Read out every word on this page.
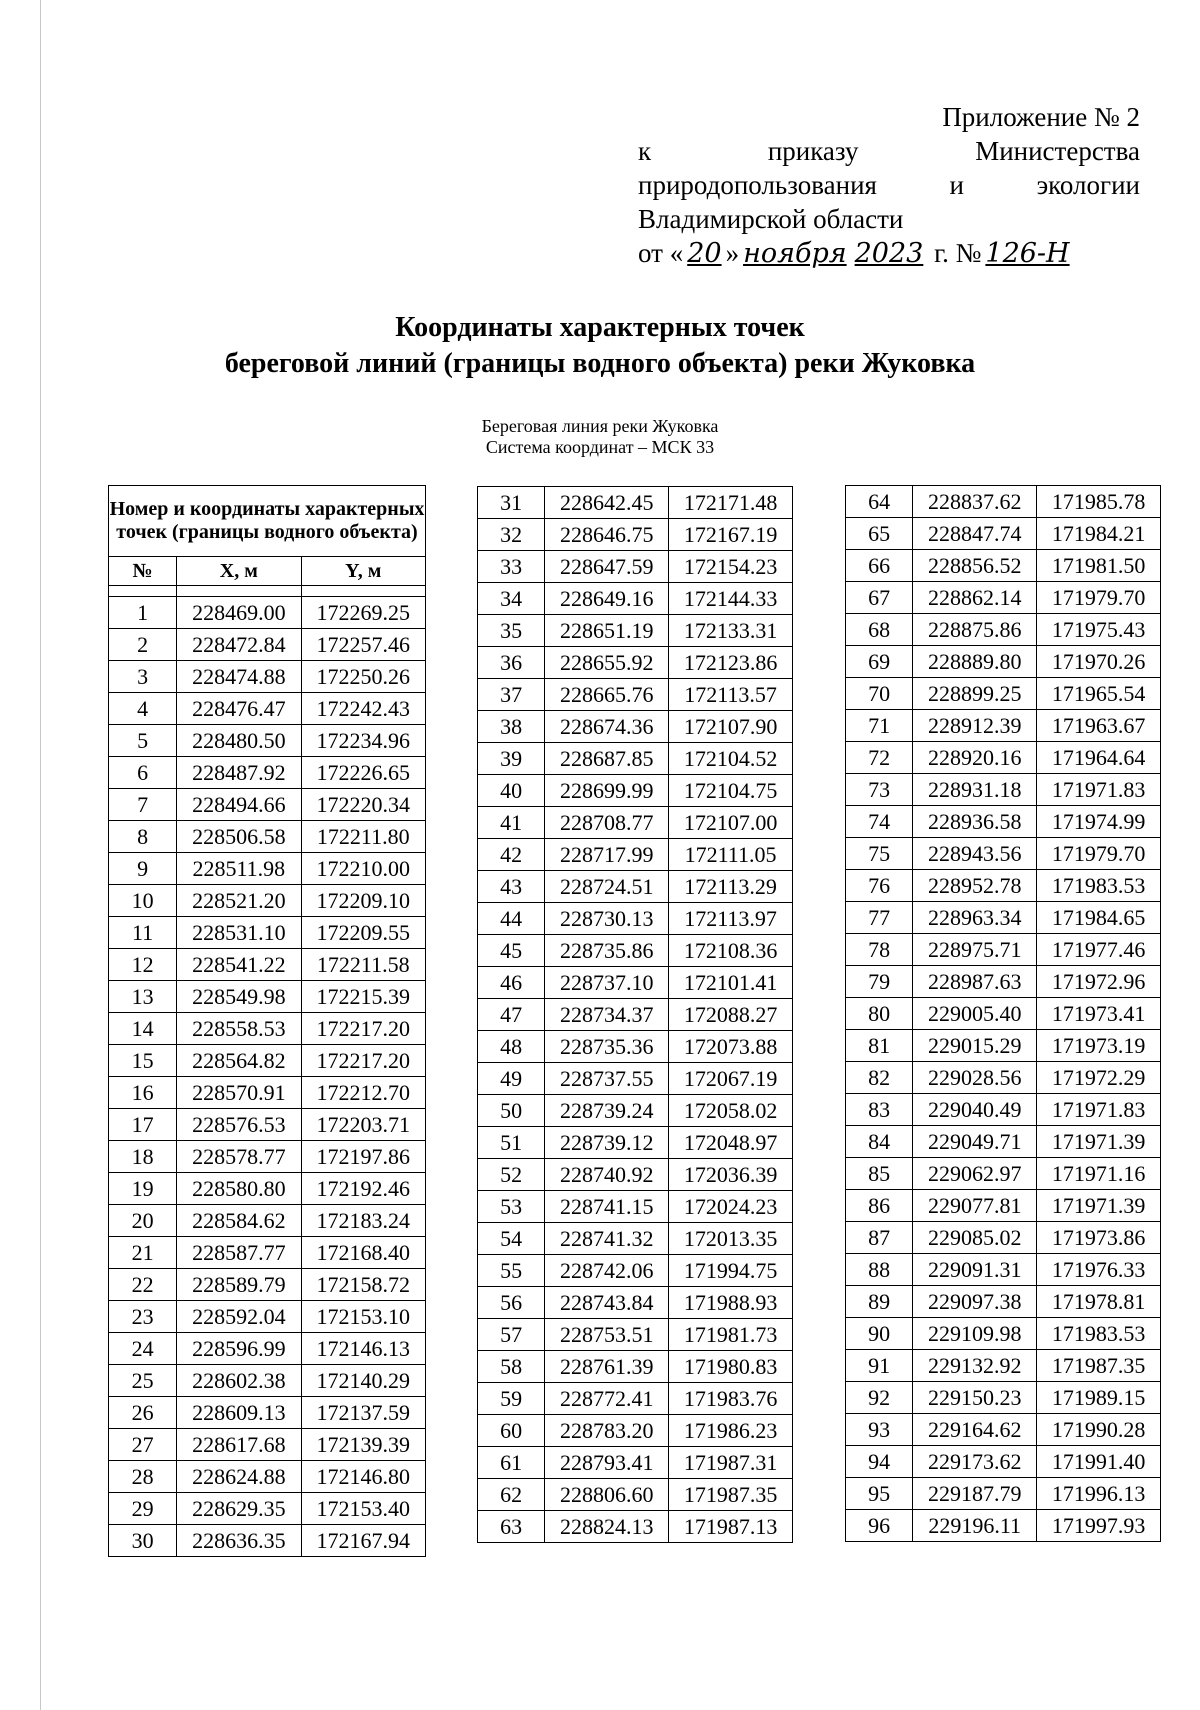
Приложение № 2
к	приказу	Министерства
природопользования	и	экологии
Владимирской области
от « 20 » ноября 2023 г. № 126-Н
Координаты характерных точек
береговой линий (границы водного объекта) реки Жуковка
Береговая линия реки Жуковка
Система координат – МСК 33
Номер и координаты характерных точек (границы водного объекта)		
№	X, м	Y, м

1	228469.00	172269.25
2	228472.84	172257.46
3	228474.88	172250.26
4	228476.47	172242.43
5	228480.50	172234.96
6	228487.92	172226.65
7	228494.66	172220.34
8	228506.58	172211.80
9	228511.98	172210.00
10	228521.20	172209.10
11	228531.10	172209.55
12	228541.22	172211.58
13	228549.98	172215.39
14	228558.53	172217.20
15	228564.82	172217.20
16	228570.91	172212.70
17	228576.53	172203.71
18	228578.77	172197.86
19	228580.80	172192.46
20	228584.62	172183.24
21	228587.77	172168.40
22	228589.79	172158.72
23	228592.04	172153.10
24	228596.99	172146.13
25	228602.38	172140.29
26	228609.13	172137.59
27	228617.68	172139.39
28	228624.88	172146.80
29	228629.35	172153.40
30	228636.35	172167.94
31	228642.45	172171.48
32	228646.75	172167.19
33	228647.59	172154.23
34	228649.16	172144.33
35	228651.19	172133.31
36	228655.92	172123.86
37	228665.76	172113.57
38	228674.36	172107.90
39	228687.85	172104.52
40	228699.99	172104.75
41	228708.77	172107.00
42	228717.99	172111.05
43	228724.51	172113.29
44	228730.13	172113.97
45	228735.86	172108.36
46	228737.10	172101.41
47	228734.37	172088.27
48	228735.36	172073.88
49	228737.55	172067.19
50	228739.24	172058.02
51	228739.12	172048.97
52	228740.92	172036.39
53	228741.15	172024.23
54	228741.32	172013.35
55	228742.06	171994.75
56	228743.84	171988.93
57	228753.51	171981.73
58	228761.39	171980.83
59	228772.41	171983.76
60	228783.20	171986.23
61	228793.41	171987.31
62	228806.60	171987.35
63	228824.13	171987.13
64	228837.62	171985.78
65	228847.74	171984.21
66	228856.52	171981.50
67	228862.14	171979.70
68	228875.86	171975.43
69	228889.80	171970.26
70	228899.25	171965.54
71	228912.39	171963.67
72	228920.16	171964.64
73	228931.18	171971.83
74	228936.58	171974.99
75	228943.56	171979.70
76	228952.78	171983.53
77	228963.34	171984.65
78	228975.71	171977.46
79	228987.63	171972.96
80	229005.40	171973.41
81	229015.29	171973.19
82	229028.56	171972.29
83	229040.49	171971.83
84	229049.71	171971.39
85	229062.97	171971.16
86	229077.81	171971.39
87	229085.02	171973.86
88	229091.31	171976.33
89	229097.38	171978.81
90	229109.98	171983.53
91	229132.92	171987.35
92	229150.23	171989.15
93	229164.62	171990.28
94	229173.62	171991.40
95	229187.79	171996.13
96	229196.11	171997.93
